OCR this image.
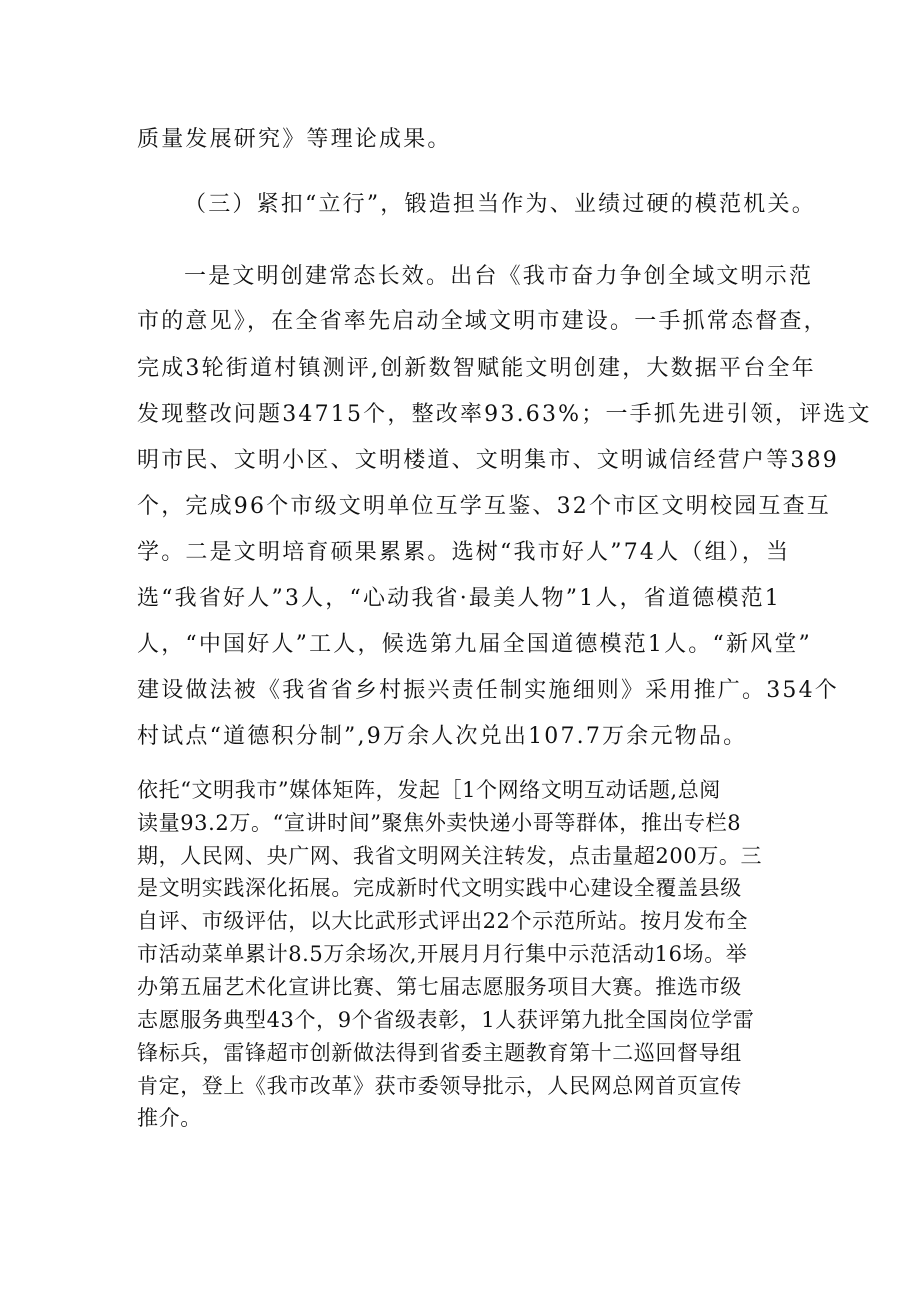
质量发展研究》等理论成果。

（三）紧扣“立行”，锻造担当作为、业绩过硬的模范机关。

一是文明创建常态长效。出台《我市奋力争创全域文明示范

市的意见》，在全省率先启动全域文明市建设。一手抓常态督查，

完成3轮街道村镇测评,创新数智赋能文明创建，大数据平台全年

发现整改问题34715个，整改率93.63%；一手抓先进引领，评选文

明市民、文明小区、文明楼道、文明集市、文明诚信经营户等389

个，完成96个市级文明单位互学互鉴、32个市区文明校园互查互

学。二是文明培育硕果累累。选树“我市好人”74人（组），当

选“我省好人”3人，“心动我省·最美人物”1人，省道德模范1

人，“中国好人”工人，候选第九届全国道德模范1人。“新风堂”

建设做法被《我省省乡村振兴责任制实施细则》采用推广。354个

村试点“道德积分制”,9万余人次兑出107.7万余元物品。

依托“文明我市”媒体矩阵，发起［1个网络文明互动话题,总阅

读量93.2万。“宣讲时间”聚焦外卖快递小哥等群体，推出专栏8

期，人民网、央广网、我省文明网关注转发，点击量超200万。三

是文明实践深化拓展。完成新时代文明实践中心建设全覆盖县级

自评、市级评估，以大比武形式评出22个示范所站。按月发布全

市活动菜单累计8.5万余场次,开展月月行集中示范活动16场。举

办第五届艺术化宣讲比赛、第七届志愿服务项目大赛。推选市级

志愿服务典型43个，9个省级表彰，1人获评第九批全国岗位学雷

锋标兵，雷锋超市创新做法得到省委主题教育第十二巡回督导组

肯定，登上《我市改革》获市委领导批示，人民网总网首页宣传

推介。
